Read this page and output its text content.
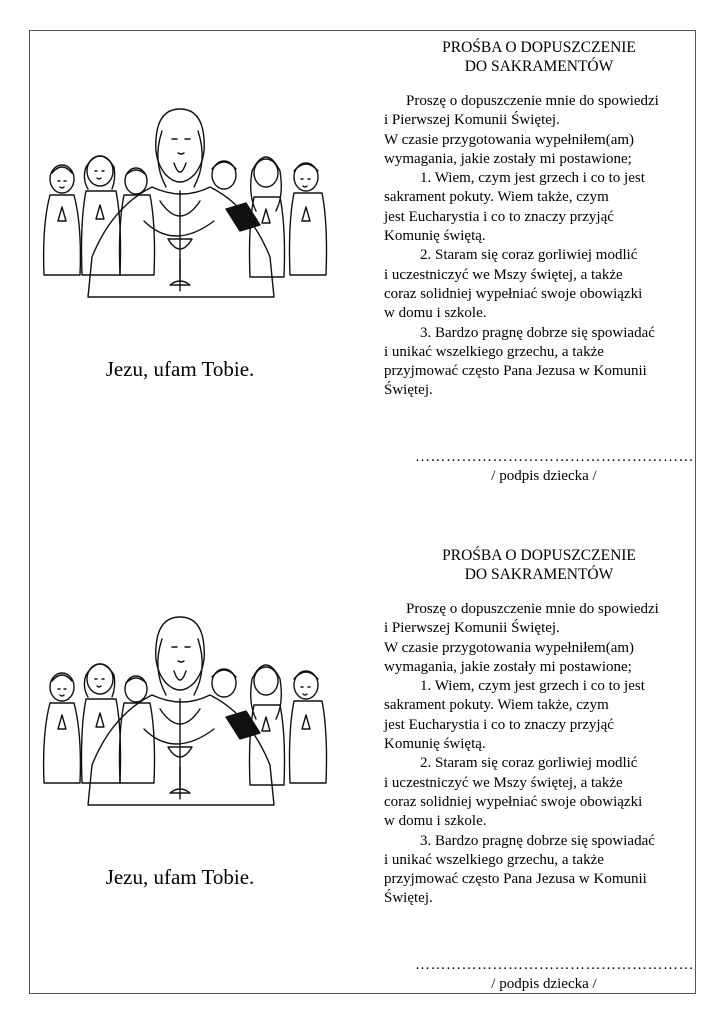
Jezu, ufam Tobie.
PROŚBA O DOPUSZCZENIE
DO SAKRAMENTÓW

Proszę o dopuszczenie mnie do spowiedzi

i Pierwszej Komunii Świętej.

W czasie przygotowania wypełniłem(am)

wymagania, jakie zostały mi postawione;

1. Wiem, czym jest grzech i co to jest

sakrament pokuty. Wiem także, czym

jest Eucharystia i co to znaczy przyjąć

Komunię świętą.

2. Staram się coraz gorliwiej modlić

i uczestniczyć we Mszy świętej, a także

coraz solidniej wypełniać swoje obowiązki

w domu i szkole.

3. Bardzo pragnę dobrze się spowiadać

i unikać wszelkiego grzechu, a także

przyjmować często Pana Jezusa w Komunii

Świętej.

………………………………………………
/ podpis dziecka /
Jezu, ufam Tobie.
PROŚBA O DOPUSZCZENIE
DO SAKRAMENTÓW

Proszę o dopuszczenie mnie do spowiedzi

i Pierwszej Komunii Świętej.

W czasie przygotowania wypełniłem(am)

wymagania, jakie zostały mi postawione;

1. Wiem, czym jest grzech i co to jest

sakrament pokuty. Wiem także, czym

jest Eucharystia i co to znaczy przyjąć

Komunię świętą.

2. Staram się coraz gorliwiej modlić

i uczestniczyć we Mszy świętej, a także

coraz solidniej wypełniać swoje obowiązki

w domu i szkole.

3. Bardzo pragnę dobrze się spowiadać

i unikać wszelkiego grzechu, a także

przyjmować często Pana Jezusa w Komunii

Świętej.

………………………………………………
/ podpis dziecka /
